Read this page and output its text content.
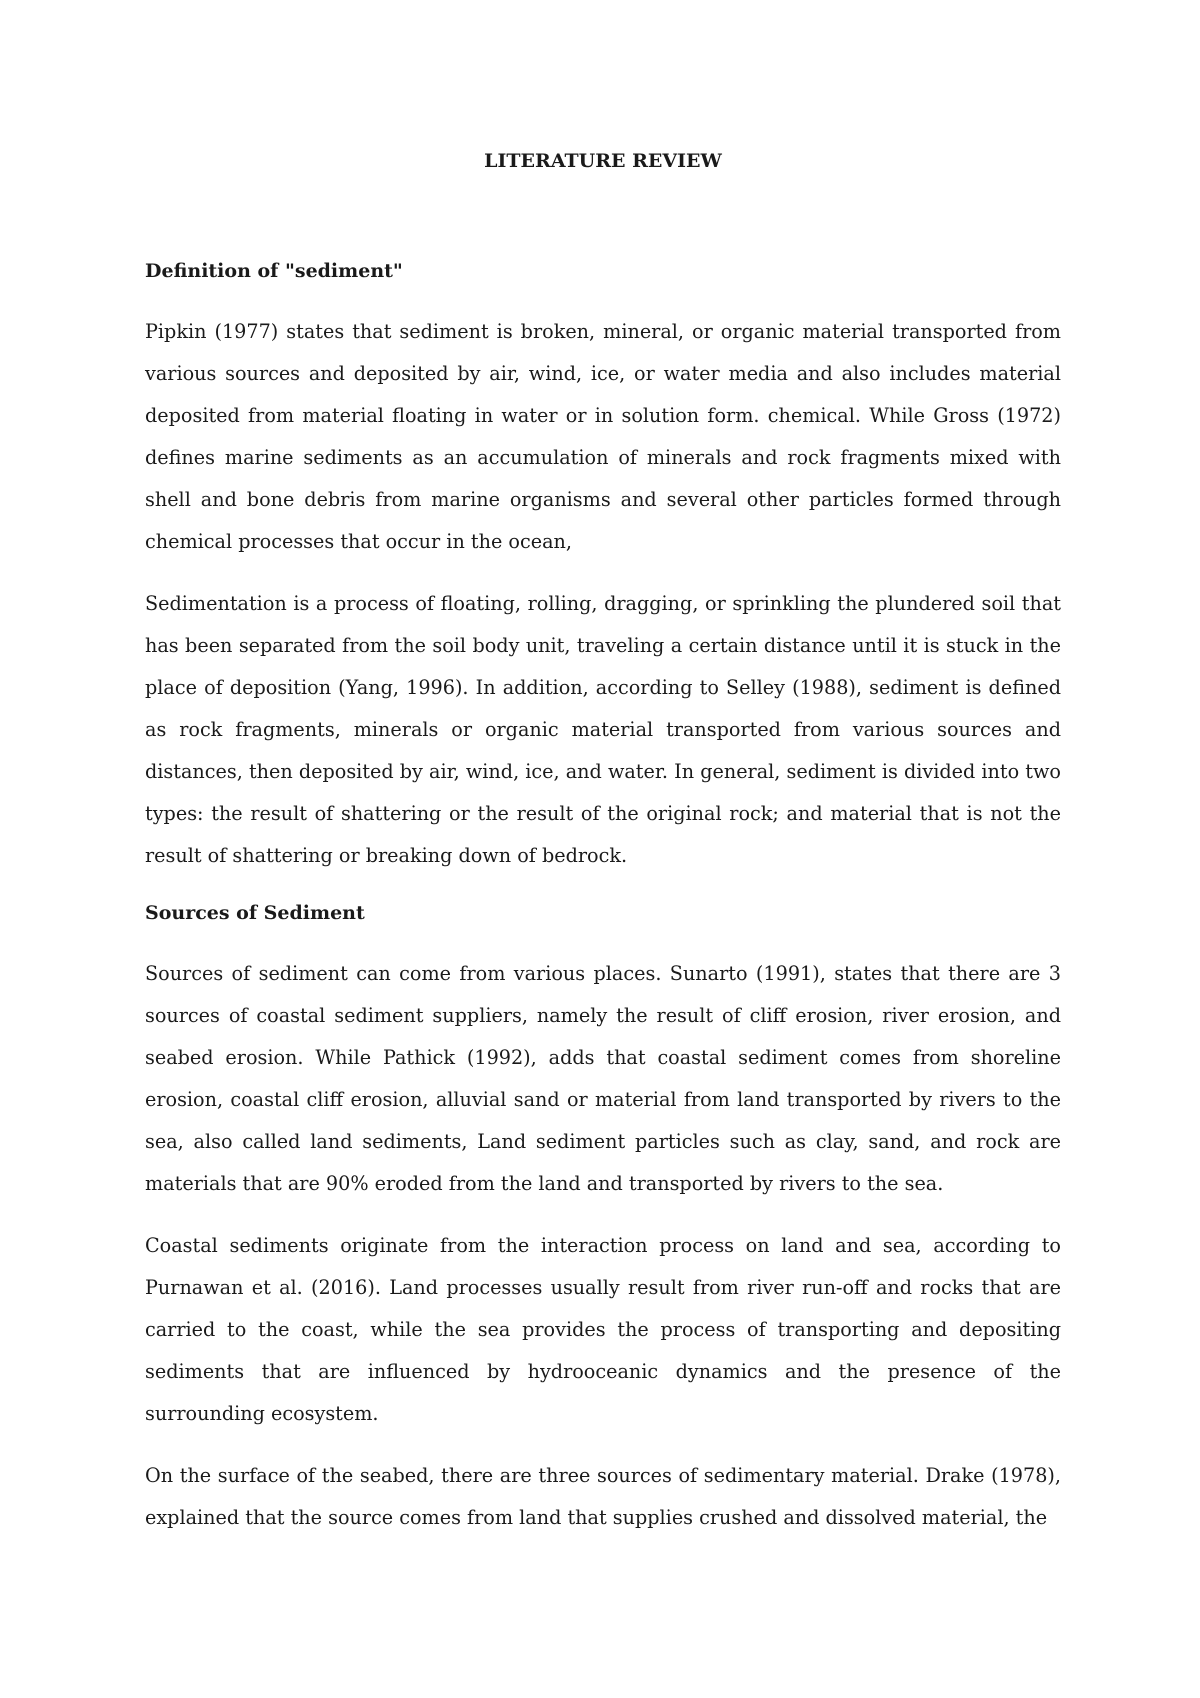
LITERATURE REVIEW
Definition of "sediment"

Pipkin (1977) states that sediment is broken, mineral, or organic material transported from various sources and deposited by air, wind, ice, or water media and also includes material deposited from material floating in water or in solution form. chemical. While Gross (1972) defines marine sediments as an accumulation of minerals and rock fragments mixed with shell and bone debris from marine organisms and several other particles formed through chemical processes that occur in the ocean,

Sedimentation is a process of floating, rolling, dragging, or sprinkling the plundered soil that has been separated from the soil body unit, traveling a certain distance until it is stuck in the place of deposition (Yang, 1996). In addition, according to Selley (1988), sediment is defined as rock fragments, minerals or organic material transported from various sources and distances, then deposited by air, wind, ice, and water. In general, sediment is divided into two types: the result of shattering or the result of the original rock; and material that is not the result of shattering or breaking down of bedrock.

Sources of Sediment

Sources of sediment can come from various places. Sunarto (1991), states that there are 3 sources of coastal sediment suppliers, namely the result of cliff erosion, river erosion, and seabed erosion. While Pathick (1992), adds that coastal sediment comes from shoreline erosion, coastal cliff erosion, alluvial sand or material from land transported by rivers to the sea, also called land sediments, Land sediment particles such as clay, sand, and rock are materials that are 90% eroded from the land and transported by rivers to the sea.

Coastal sediments originate from the interaction process on land and sea, according to Purnawan et al. (2016). Land processes usually result from river run-off and rocks that are carried to the coast, while the sea provides the process of transporting and depositing sediments that are influenced by hydrooceanic dynamics and the presence of the surrounding ecosystem.

On the surface of the seabed, there are three sources of sedimentary material. Drake (1978), explained that the source comes from land that supplies crushed and dissolved material, the
